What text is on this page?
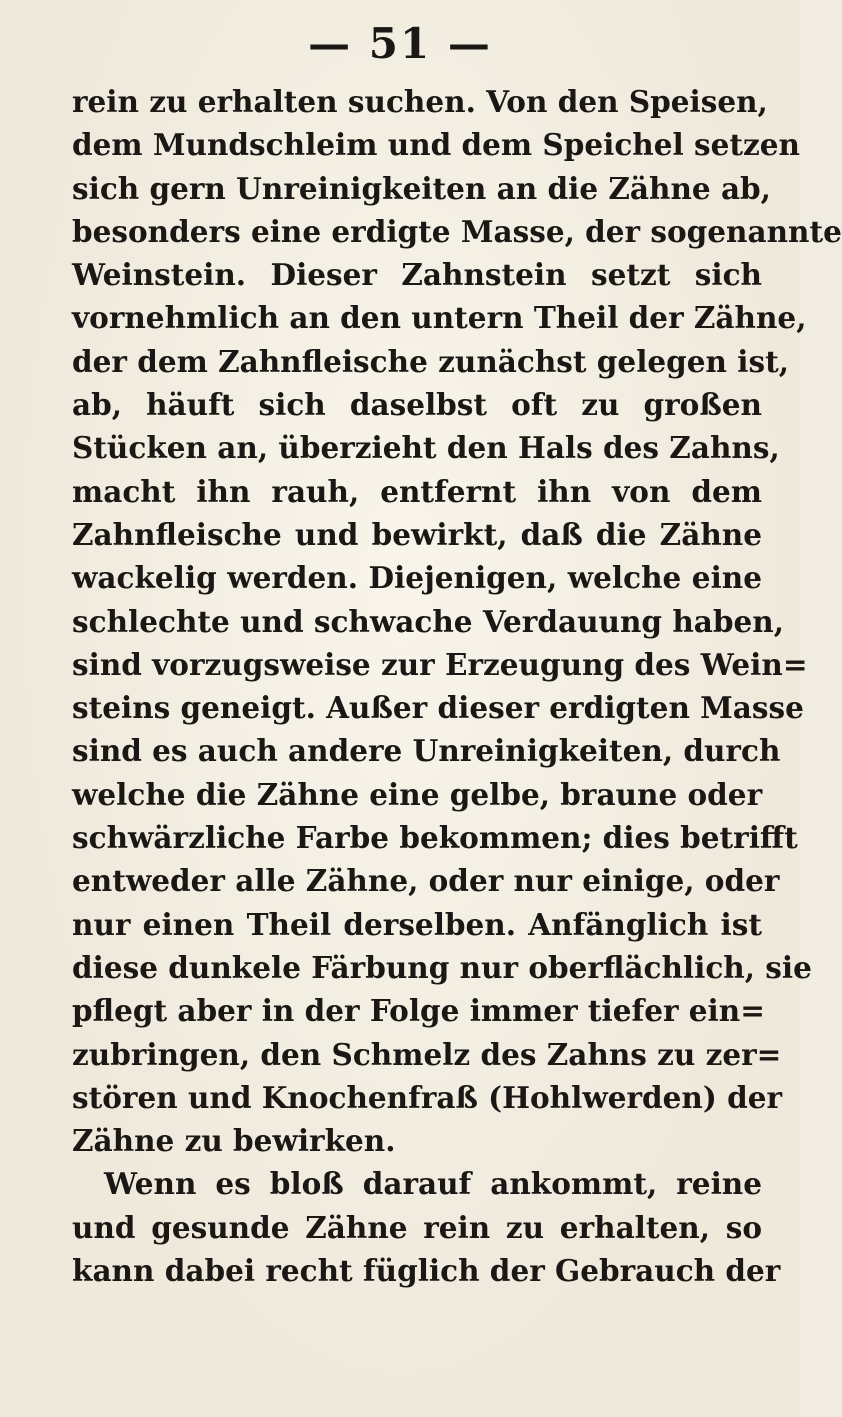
— 51 —
rein zu erhalten suchen. Von den Speisen,
dem Mundschleim und dem Speichel setzen
sich gern Unreinigkeiten an die Zähne ab,
besonders eine erdigte Masse, der sogenannte
Weinstein. Dieser Zahnstein setzt sich
vornehmlich an den untern Theil der Zähne,
der dem Zahnfleische zunächst gelegen ist,
ab, häuft sich daselbst oft zu großen
Stücken an, überzieht den Hals des Zahns,
macht ihn rauh, entfernt ihn von dem
Zahnfleische und bewirkt, daß die Zähne
wackelig werden. Diejenigen, welche eine
schlechte und schwache Verdauung haben,
sind vorzugsweise zur Erzeugung des Wein=
steins geneigt. Außer dieser erdigten Masse
sind es auch andere Unreinigkeiten, durch
welche die Zähne eine gelbe, braune oder
schwärzliche Farbe bekommen; dies betrifft
entweder alle Zähne, oder nur einige, oder
nur einen Theil derselben. Anfänglich ist
diese dunkele Färbung nur oberflächlich, sie
pflegt aber in der Folge immer tiefer ein=
zubringen, den Schmelz des Zahns zu zer=
stören und Knochenfraß (Hohlwerden) der
Zähne zu bewirken.
Wenn es bloß darauf ankommt, reine
und gesunde Zähne rein zu erhalten, so
kann dabei recht füglich der Gebrauch der
